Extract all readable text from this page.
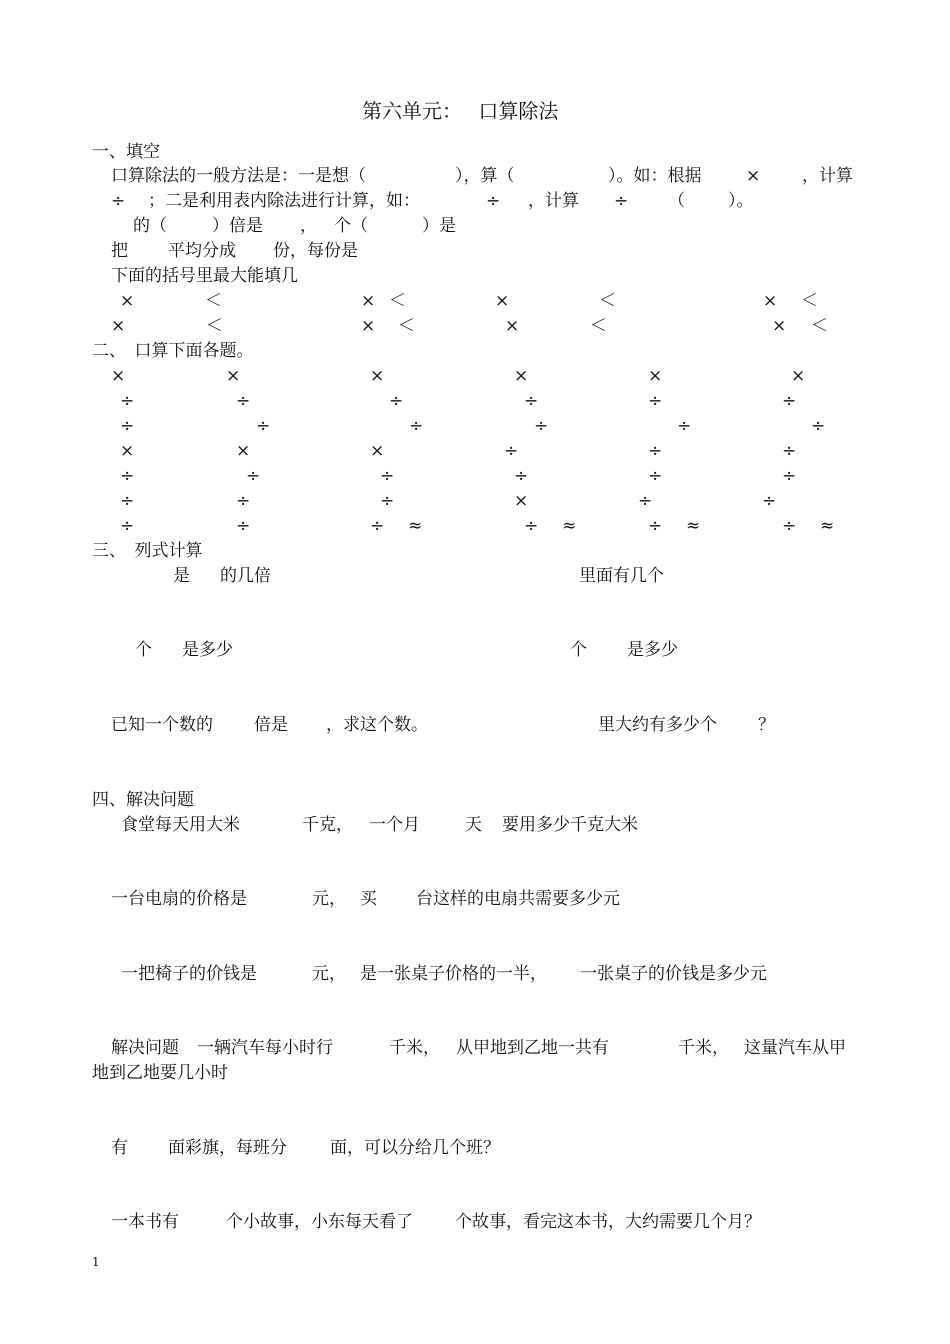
第六单元：　 口算除法
一、填空
口算除法的一般方法是：一是想（	），算（	）。如：根据	× ，计算
÷ ；二是利用表内除法进行计算，如：	÷ ，计算 ÷ （	）。
的（	）倍是 ， 个（	）是
把 平均分成 份，每份是
下面的括号里最大能填几
×	＜	× ＜	×	＜	× ＜
×	＜	× ＜	×	＜	× ＜
二、　口算下面各题。
×	×	×	×	×	×
÷	÷	÷	÷	÷	÷
÷	÷	÷	÷	÷	÷
×	×	×	÷	÷	÷
÷	÷	÷	÷	÷	÷
÷	÷	÷	×	÷	÷
÷	÷	÷ ≈	÷ ≈	÷ ≈	÷ ≈
三、　列式计算
是 的几倍	里面有几个
个 是多少	个 是多少
已知一个数的 倍是 ，求这个数。	里大约有多少个 ？
四、解决问题
食堂每天用大米	千克， 一个月	天 要用多少千克大米
一台电扇的价格是	元， 买 台这样的电扇共需要多少元
一把椅子的价钱是	元， 是一张桌子价格的一半， 一张桌子的价钱是多少元
解决问题 一辆汽车每小时行	千米， 从甲地到乙地一共有	千米， 这量汽车从甲
地到乙地要几小时
有 面彩旗，每班分	面，可以分给几个班？
一本书有	个小故事，小东每天看了 个故事，看完这本书，大约需要几个月？
1
